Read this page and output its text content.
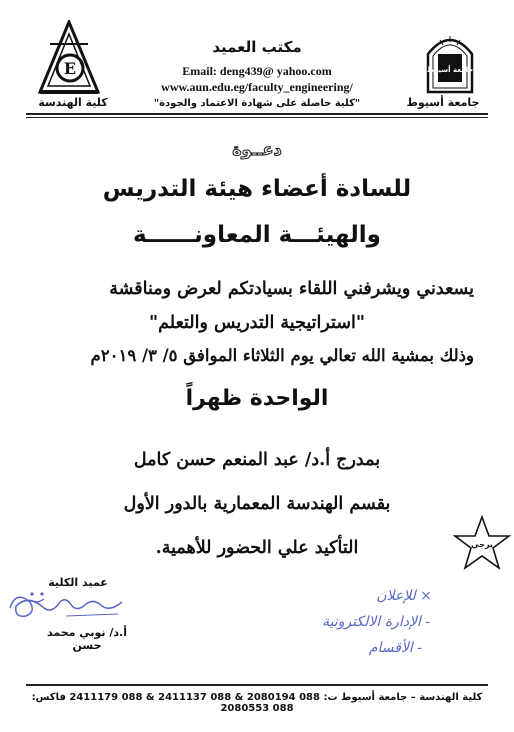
جامعة أسيوط
E
جامعة أسيوط
كلية الهندسة
مكتب العميد
Email: deng439@ yahoo.com
www.aun.edu.eg/faculty_engineering/
"كلية حاصلة على شهادة الاعتماد والجودة"
دعــوة
للسادة أعضاء هيئة التدريس
والهيئـــة المعاونــــــة
يسعدني ويشرفني اللقاء بسيادتكم لعرض ومناقشة
"استراتيجية التدريس والتعلم"
وذلك بمشية الله تعالي يوم الثلاثاء الموافق ٥/ ٣/ ٢٠١٩م
الواحدة ظهراً
بمدرج أ.د/ عبد المنعم حسن كامل
بقسم الهندسة المعمارية بالدور الأول
التأكيد علي الحضور للأهمية.	يرجي
عميد الكلية
أ.د/ نوبي محمد حسن
× للإعلان
- الإدارة الالكترونية
- الأقسام
كلية الهندسة – جامعة أسيوط ت: 088 2080194 & 088 2411137 & 088 2411179 فاكس: 088 2080553
